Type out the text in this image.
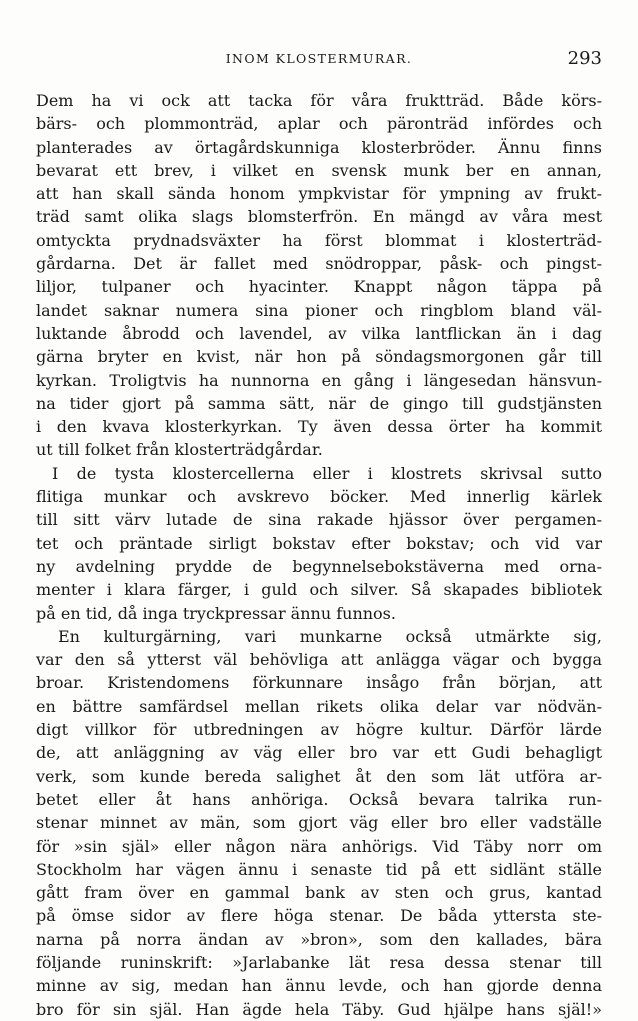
INOM KLOSTERMURAR.	293
Dem ha vi ock att tacka för våra fruktträd. Både körs-
bärs- och plommonträd, aplar och päronträd infördes och
planterades av örtagårdskunniga klosterbröder. Ännu finns
bevarat ett brev, i vilket en svensk munk ber en annan,
att han skall sända honom ympkvistar för ympning av frukt-
träd samt olika slags blomsterfrön. En mängd av våra mest
omtyckta prydnadsväxter ha först blommat i klosterträd-
gårdarna. Det är fallet med snödroppar, påsk- och pingst-
liljor, tulpaner och hyacinter. Knappt någon täppa på
landet saknar numera sina pioner och ringblom bland väl-
luktande åbrodd och lavendel, av vilka lantflickan än i dag
gärna bryter en kvist, när hon på söndagsmorgonen går till
kyrkan. Troligtvis ha nunnorna en gång i längesedan hänsvun-
na tider gjort på samma sätt, när de gingo till gudstjänsten
i den kvava klosterkyrkan. Ty även dessa örter ha kommit
ut till folket från klosterträdgårdar.
I de tysta klostercellerna eller i klostrets skrivsal sutto
flitiga munkar och avskrevo böcker. Med innerlig kärlek
till sitt värv lutade de sina rakade hjässor över pergamen-
tet och präntade sirligt bokstav efter bokstav; och vid var
ny avdelning prydde de begynnelsebokstäverna med orna-
menter i klara färger, i guld och silver. Så skapades bibliotek
på en tid, då inga tryckpressar ännu funnos.
En kulturgärning, vari munkarne också utmärkte sig,
var den så ytterst väl behövliga att anlägga vägar och bygga
broar. Kristendomens förkunnare insågo från början, att
en bättre samfärdsel mellan rikets olika delar var nödvän-
digt villkor för utbredningen av högre kultur. Därför lärde
de, att anläggning av väg eller bro var ett Gudi behagligt
verk, som kunde bereda salighet åt den som lät utföra ar-
betet eller åt hans anhöriga. Också bevara talrika run-
stenar minnet av män, som gjort väg eller bro eller vadställe
för »sin själ» eller någon nära anhörigs. Vid Täby norr om
Stockholm har vägen ännu i senaste tid på ett sidlänt ställe
gått fram över en gammal bank av sten och grus, kantad
på ömse sidor av flere höga stenar. De båda yttersta ste-
narna på norra ändan av »bron», som den kallades, bära
följande runinskrift: »Jarlabanke lät resa dessa stenar till
minne av sig, medan han ännu levde, och han gjorde denna
bro för sin själ. Han ägde hela Täby. Gud hjälpe hans själ!»
